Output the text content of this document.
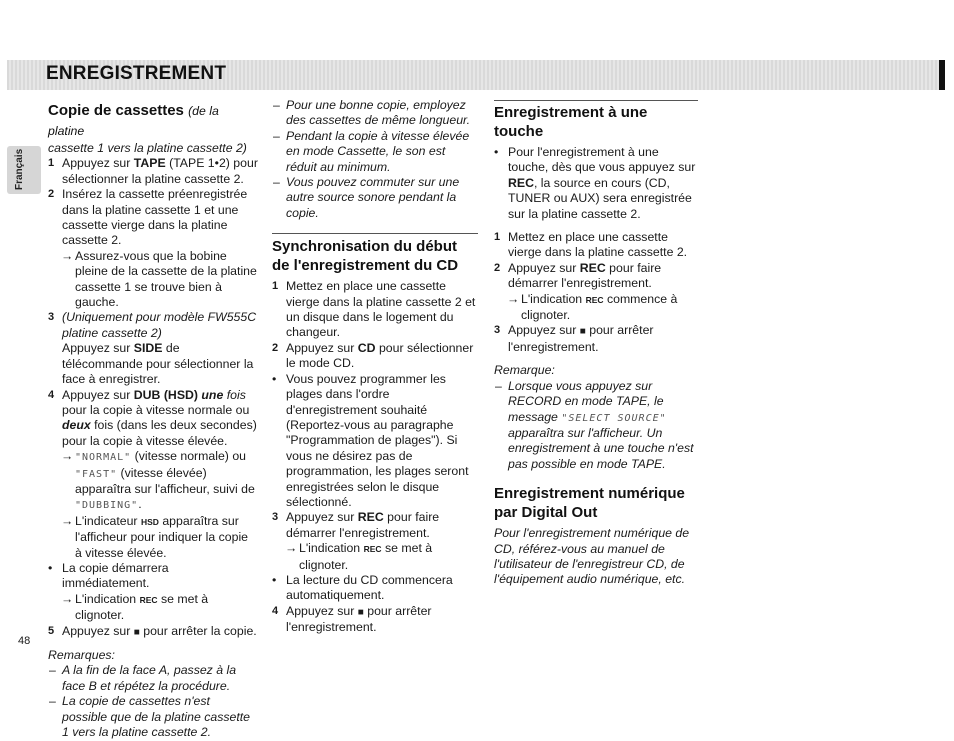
ENREGISTREMENT
Français
Copie de cassettes (de la platine

cassette 1 vers la platine cassette 2)

1 Appuyez sur TAPE (TAPE 1•2) pour sélectionner la platine cassette 2.
2 Insérez la cassette préenregistrée dans la platine cassette 1 et une cassette vierge dans la platine cassette 2.
→ Assurez-vous que la bobine pleine de la cassette de la platine cassette 1 se trouve bien à gauche.
3 (Uniquement pour modèle FW555C platine cassette 2)
Appuyez sur SIDE de télécommande pour sélectionner la face à enregistrer.
4 Appuyez sur DUB (HSD) une fois pour la copie à vitesse normale ou deux fois (dans les deux secondes) pour la copie à vitesse élevée.
→ "NORMAL" (vitesse normale) ou "FAST" (vitesse élevée) apparaîtra sur l'afficheur, suivi de "DUBBING".
→ L'indicateur HSD apparaîtra sur l'afficheur pour indiquer la copie à vitesse élevée.
• La copie démarrera immédiatement.
→ L'indication REC se met à clignoter.
5 Appuyez sur ■ pour arrêter la copie.

Remarques:

– A la fin de la face A, passez à la face B et répétez la procédure.
– La copie de cassettes n'est possible que de la platine cassette 1 vers la platine cassette 2.
– Pour une bonne copie, employez des cassettes de même longueur.
– Pendant la copie à vitesse élevée en mode Cassette, le son est réduit au minimum.
– Vous pouvez commuter sur une autre source sonore pendant la copie.
Synchronisation du début de l'enregistrement du CD
1 Mettez en place une cassette vierge dans la platine cassette 2 et un disque dans le logement du changeur.
2 Appuyez sur CD pour sélectionner le mode CD.
• Vous pouvez programmer les plages dans l'ordre d'enregistrement souhaité (Reportez-vous au paragraphe "Programmation de plages"). Si vous ne désirez pas de programmation, les plages seront enregistrées selon le disque sélectionné.
3 Appuyez sur REC pour faire démarrer l'enregistrement.
→ L'indication REC se met à clignoter.
• La lecture du CD commencera automatiquement.
4 Appuyez sur ■ pour arrêter l'enregistrement.
Enregistrement à une touche
• Pour l'enregistrement à une touche, dès que vous appuyez sur REC, la source en cours (CD, TUNER ou AUX) sera enregistrée sur la platine cassette 2.
1 Mettez en place une cassette vierge dans la platine cassette 2.
2 Appuyez sur REC pour faire démarrer l'enregistrement.
→ L'indication REC commence à clignoter.
3 Appuyez sur ■ pour arrêter l'enregistrement.

Remarque:

– Lorsque vous appuyez sur RECORD en mode TAPE, le message "SELECT SOURCE" apparaîtra sur l'afficheur. Un enregistrement à une touche n'est pas possible en mode TAPE.
Enregistrement numérique par Digital Out

Pour l'enregistrement numérique de CD, référez-vous au manuel de l'utilisateur de l'enregistreur CD, de l'équipement audio numérique, etc.

48
